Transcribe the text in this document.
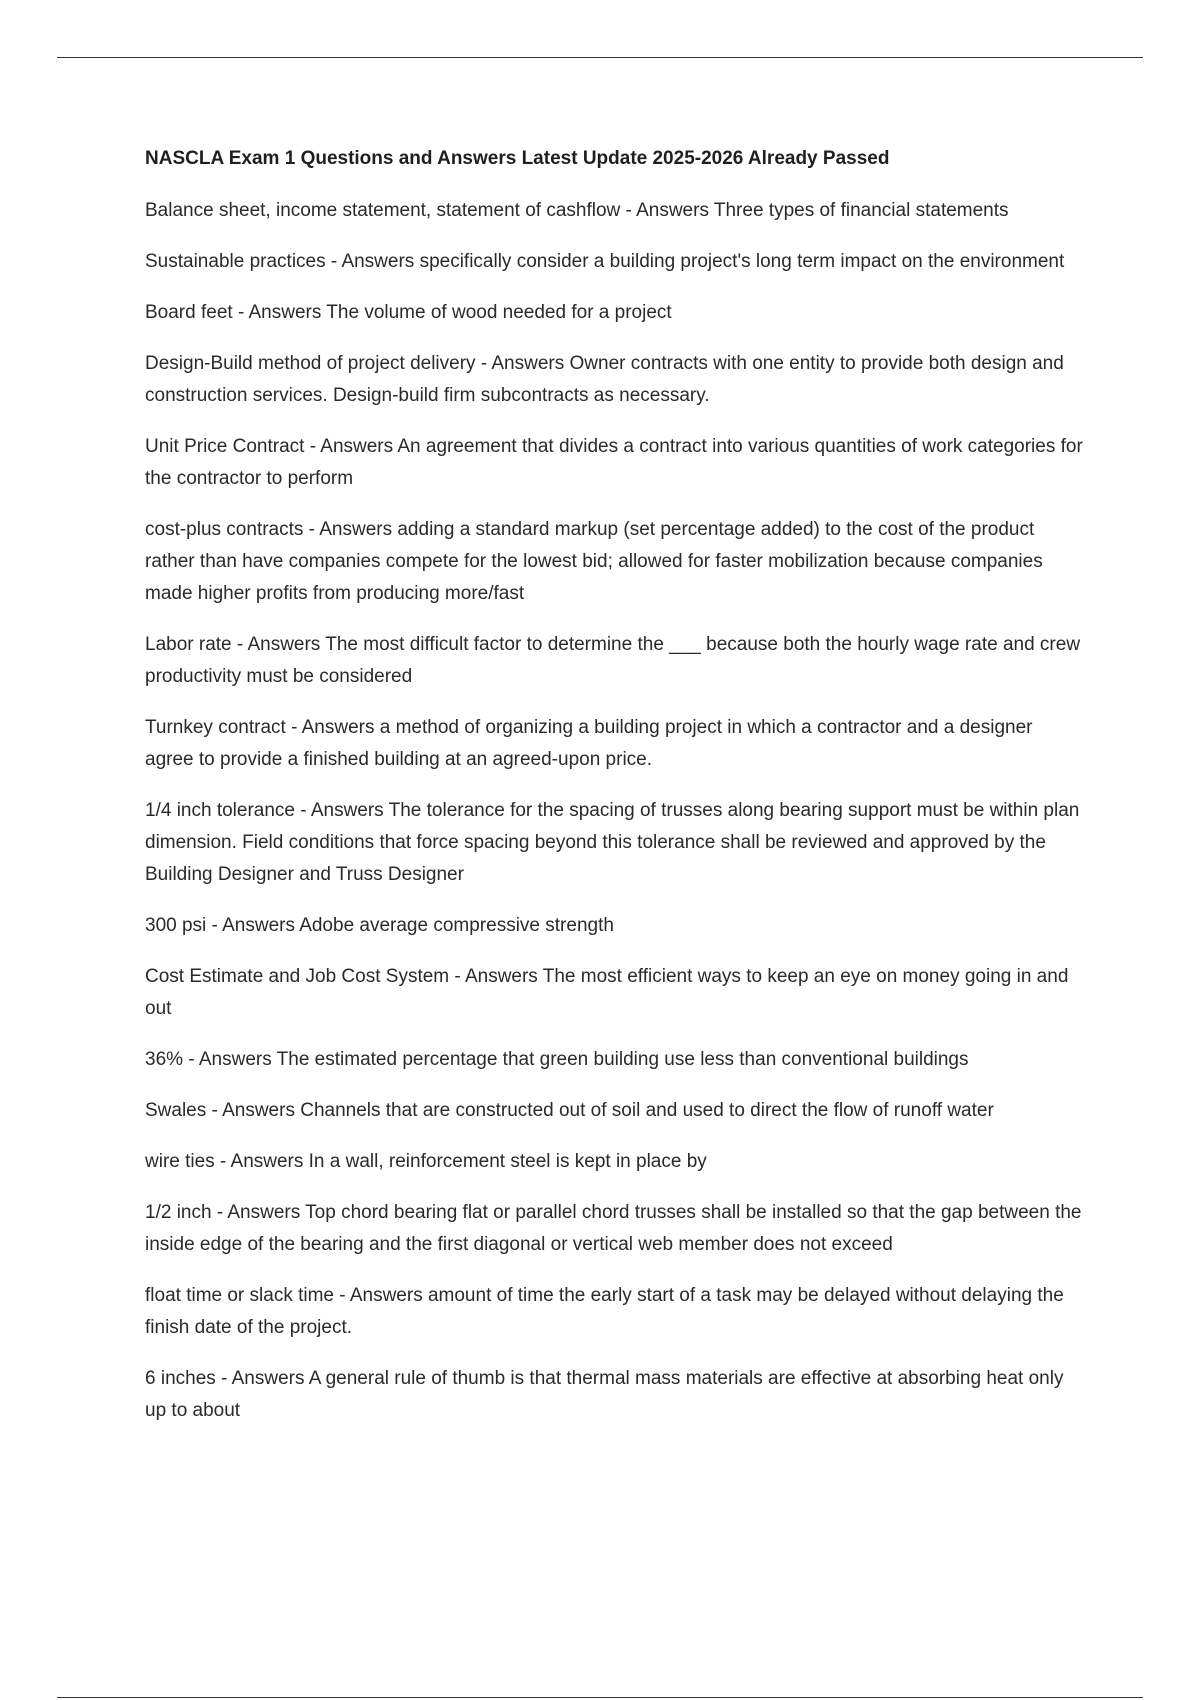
NASCLA Exam 1 Questions and Answers Latest Update 2025-2026 Already Passed
Balance sheet, income statement, statement of cashflow - Answers Three types of financial statements
Sustainable practices - Answers specifically consider a building project's long term impact on the environment
Board feet - Answers The volume of wood needed for a project
Design-Build method of project delivery - Answers Owner contracts with one entity to provide both design and construction services. Design-build firm subcontracts as necessary.
Unit Price Contract - Answers An agreement that divides a contract into various quantities of work categories for the contractor to perform
cost-plus contracts - Answers adding a standard markup (set percentage added) to the cost of the product rather than have companies compete for the lowest bid; allowed for faster mobilization because companies made higher profits from producing more/fast
Labor rate - Answers The most difficult factor to determine the ___ because both the hourly wage rate and crew productivity must be considered
Turnkey contract - Answers a method of organizing a building project in which a contractor and a designer agree to provide a finished building at an agreed-upon price.
1/4 inch tolerance - Answers The tolerance for the spacing of trusses along bearing support must be within plan dimension. Field conditions that force spacing beyond this tolerance shall be reviewed and approved by the Building Designer and Truss Designer
300 psi - Answers Adobe average compressive strength
Cost Estimate and Job Cost System - Answers The most efficient ways to keep an eye on money going in and out
36% - Answers The estimated percentage that green building use less than conventional buildings
Swales - Answers Channels that are constructed out of soil and used to direct the flow of runoff water
wire ties - Answers In a wall, reinforcement steel is kept in place by
1/2 inch - Answers Top chord bearing flat or parallel chord trusses shall be installed so that the gap between the inside edge of the bearing and the first diagonal or vertical web member does not exceed
float time or slack time - Answers amount of time the early start of a task may be delayed without delaying the finish date of the project.
6 inches - Answers A general rule of thumb is that thermal mass materials are effective at absorbing heat only up to about
